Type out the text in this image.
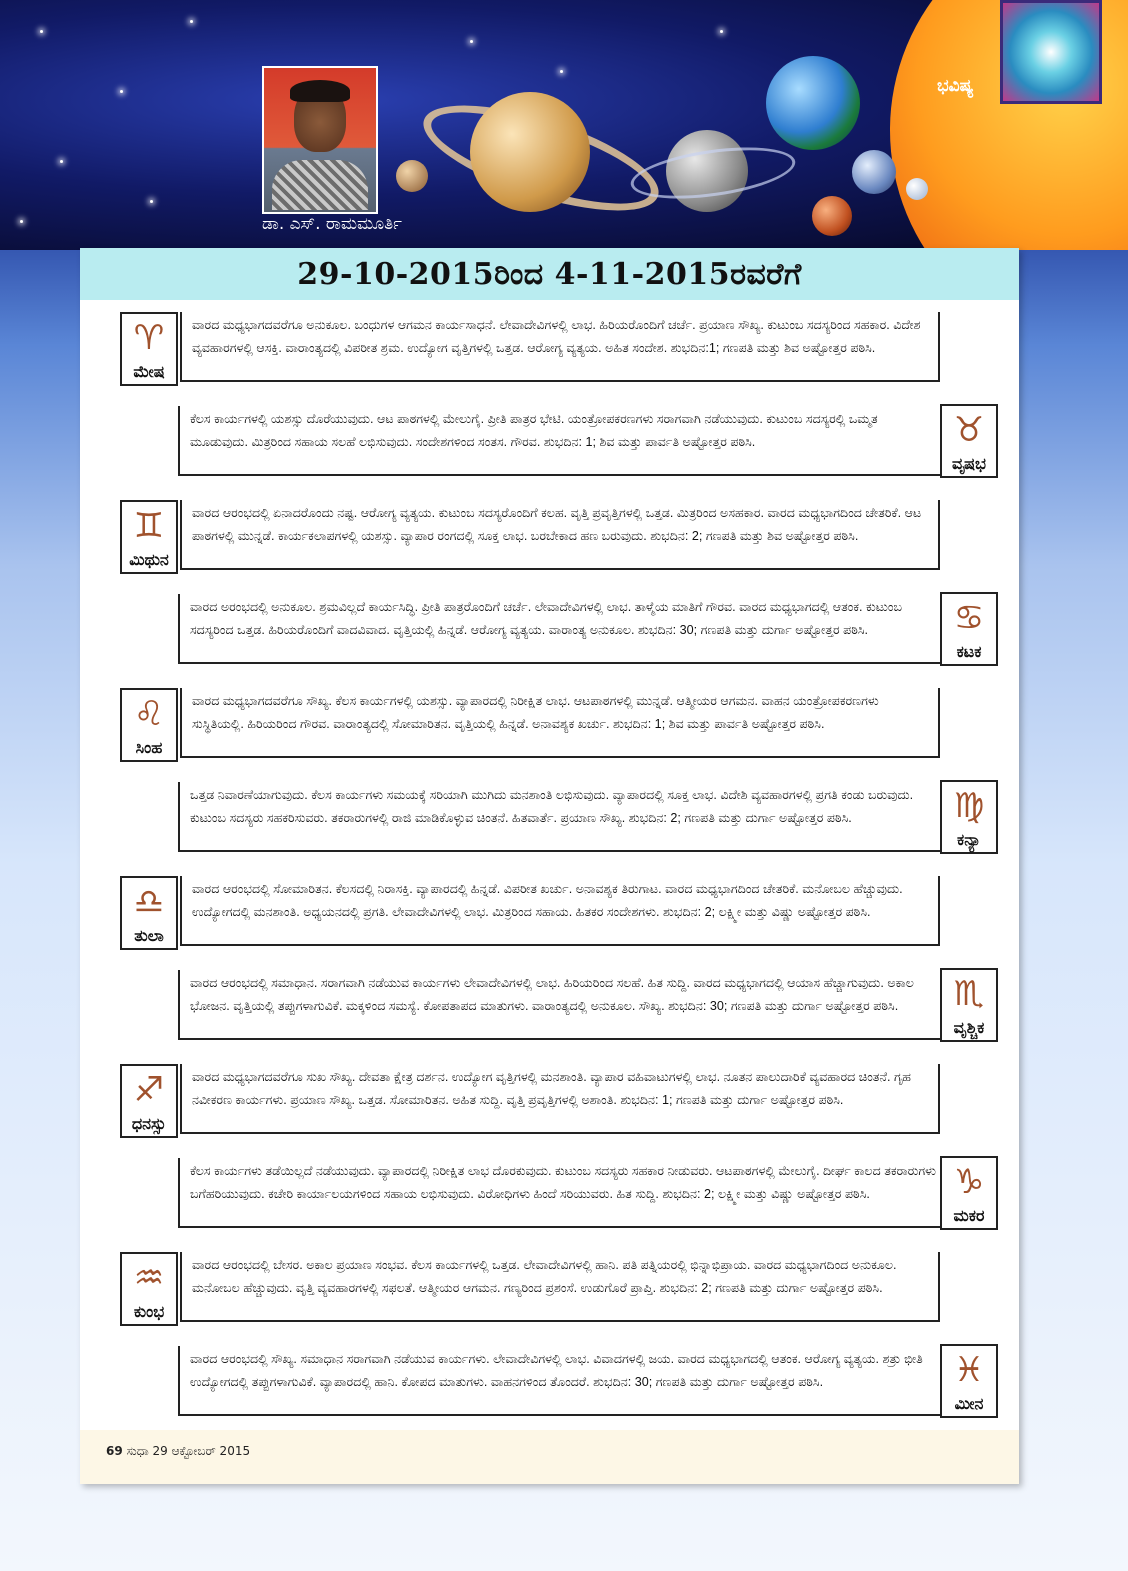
ಭವಿಷ್ಯ
ಡಾ. ಎಸ್. ರಾಮಮೂರ್ತಿ
29-10-2015ರಿಂದ 4-11-2015ರವರೆಗೆ
♈
ಮೇಷ
ವಾರದ ಮಧ್ಯಭಾಗದವರೆಗೂ ಅನುಕೂಲ. ಬಂಧುಗಳ ಆಗಮನ ಕಾರ್ಯಸಾಧನೆ. ಲೇವಾದೇವಿಗಳಲ್ಲಿ ಲಾಭ. ಹಿರಿಯರೊಂದಿಗೆ ಚರ್ಚೆ. ಪ್ರಯಾಣ ಸೌಖ್ಯ. ಕುಟುಂಬ ಸದಸ್ಯರಿಂದ ಸಹಕಾರ. ವಿದೇಶ ವ್ಯವಹಾರಗಳಲ್ಲಿ ಆಸಕ್ತಿ. ವಾರಾಂತ್ಯದಲ್ಲಿ ವಿಪರೀತ ಶ್ರಮ. ಉದ್ಯೋಗ ವೃತ್ತಿಗಳಲ್ಲಿ ಒತ್ತಡ. ಆರೋಗ್ಯ ವ್ಯತ್ಯಯ. ಅಹಿತ ಸಂದೇಶ. ಶುಭದಿನ:1; ಗಣಪತಿ ಮತ್ತು ಶಿವ ಅಷ್ಟೋತ್ತರ ಪಠಿಸಿ.
ಕೆಲಸ ಕಾರ್ಯಗಳಲ್ಲಿ ಯಶಸ್ಸು ದೊರೆಯುವುದು. ಆಟ ಪಾಠಗಳಲ್ಲಿ ಮೇಲುಗೈ. ಪ್ರೀತಿ ಪಾತ್ರರ ಭೇಟಿ. ಯಂತ್ರೋಪಕರಣಗಳು ಸರಾಗವಾಗಿ ನಡೆಯುವುದು. ಕುಟುಂಬ ಸದಸ್ಯರಲ್ಲಿ ಒಮ್ಮತ ಮೂಡುವುದು. ಮಿತ್ರರಿಂದ ಸಹಾಯ ಸಲಹೆ ಲಭಿಸುವುದು. ಸಂದೇಶಗಳಿಂದ ಸಂತಸ. ಗೌರವ. ಶುಭದಿನ: 1; ಶಿವ ಮತ್ತು ಪಾರ್ವತಿ ಅಷ್ಟೋತ್ತರ ಪಠಿಸಿ.	♉
ವೃಷಭ
♊
ಮಿಥುನ
ವಾರದ ಆರಂಭದಲ್ಲಿ ಏನಾದರೊಂದು ನಷ್ಟ. ಆರೋಗ್ಯ ವ್ಯತ್ಯಯ. ಕುಟುಂಬ ಸದಸ್ಯರೊಂದಿಗೆ ಕಲಹ. ವೃತ್ತಿ ಪ್ರವೃತ್ತಿಗಳಲ್ಲಿ ಒತ್ತಡ. ಮಿತ್ರರಿಂದ ಅಸಹಕಾರ. ವಾರದ ಮಧ್ಯಭಾಗದಿಂದ ಚೇತರಿಕೆ. ಆಟ ಪಾಠಗಳಲ್ಲಿ ಮುನ್ನಡೆ. ಕಾರ್ಯಕಲಾಪಗಳಲ್ಲಿ ಯಶಸ್ಸು. ವ್ಯಾಪಾರ ರಂಗದಲ್ಲಿ ಸೂಕ್ತ ಲಾಭ. ಬರಬೇಕಾದ ಹಣ ಬರುವುದು. ಶುಭದಿನ: 2; ಗಣಪತಿ ಮತ್ತು ಶಿವ ಅಷ್ಟೋತ್ತರ ಪಠಿಸಿ.
ವಾರದ ಅರಂಭದಲ್ಲಿ ಅನುಕೂಲ. ಶ್ರಮವಿಲ್ಲದೆ ಕಾರ್ಯಸಿದ್ಧಿ. ಪ್ರೀತಿ ಪಾತ್ರರೊಂದಿಗೆ ಚರ್ಚೆ. ಲೇವಾದೇವಿಗಳಲ್ಲಿ ಲಾಭ. ತಾಳ್ಮೆಯ ಮಾತಿಗೆ ಗೌರವ. ವಾರದ ಮಧ್ಯಭಾಗದಲ್ಲಿ ಆತಂಕ. ಕುಟುಂಬ ಸದಸ್ಯರಿಂದ ಒತ್ತಡ. ಹಿರಿಯರೊಂದಿಗೆ ವಾದವಿವಾದ. ವೃತ್ತಿಯಲ್ಲಿ ಹಿನ್ನಡೆ. ಆರೋಗ್ಯ ವ್ಯತ್ಯಯ. ವಾರಾಂತ್ಯ ಅನುಕೂಲ. ಶುಭದಿನ: 30; ಗಣಪತಿ ಮತ್ತು ದುರ್ಗಾ ಅಷ್ಟೋತ್ತರ ಪಠಿಸಿ.	♋
ಕಟಕ
♌
ಸಿಂಹ
ವಾರದ ಮಧ್ಯಭಾಗದವರೆಗೂ ಸೌಖ್ಯ. ಕೆಲಸ ಕಾರ್ಯಗಳಲ್ಲಿ ಯಶಸ್ಸು. ವ್ಯಾಪಾರದಲ್ಲಿ ನಿರೀಕ್ಷಿತ ಲಾಭ. ಆಟಪಾಠಗಳಲ್ಲಿ ಮುನ್ನಡೆ. ಆತ್ಮೀಯರ ಆಗಮನ. ವಾಹನ ಯಂತ್ರೋಪಕರಣಗಳು ಸುಸ್ಥಿತಿಯಲ್ಲಿ. ಹಿರಿಯರಿಂದ ಗೌರವ. ವಾರಾಂತ್ಯದಲ್ಲಿ ಸೋಮಾರಿತನ. ವೃತ್ತಿಯಲ್ಲಿ ಹಿನ್ನಡೆ. ಅನಾವಶ್ಯಕ ಖರ್ಚು. ಶುಭದಿನ: 1; ಶಿವ ಮತ್ತು ಪಾರ್ವತಿ ಅಷ್ಟೋತ್ತರ ಪಠಿಸಿ.
ಒತ್ತಡ ನಿವಾರಣೆಯಾಗುವುದು. ಕೆಲಸ ಕಾರ್ಯಗಳು ಸಮಯಕ್ಕೆ ಸರಿಯಾಗಿ ಮುಗಿದು ಮನಶಾಂತಿ ಲಭಿಸುವುದು. ವ್ಯಾಪಾರದಲ್ಲಿ ಸೂಕ್ತ ಲಾಭ. ವಿದೇಶಿ ವ್ಯವಹಾರಗಳಲ್ಲಿ ಪ್ರಗತಿ ಕಂಡು ಬರುವುದು. ಕುಟುಂಬ ಸದಸ್ಯರು ಸಹಕರಿಸುವರು. ತಕರಾರುಗಳಲ್ಲಿ ರಾಜಿ ಮಾಡಿಕೊಳ್ಳುವ ಚಿಂತನೆ. ಹಿತವಾರ್ತೆ. ಪ್ರಯಾಣ ಸೌಖ್ಯ. ಶುಭದಿನ: 2; ಗಣಪತಿ ಮತ್ತು ದುರ್ಗಾ ಅಷ್ಟೋತ್ತರ ಪಠಿಸಿ.	♍
ಕನ್ಯಾ
♎
ತುಲಾ
ವಾರದ ಆರಂಭದಲ್ಲಿ ಸೋಮಾರಿತನ. ಕೆಲಸದಲ್ಲಿ ನಿರಾಸಕ್ತಿ. ವ್ಯಾಪಾರದಲ್ಲಿ ಹಿನ್ನಡೆ. ವಿಪರೀತ ಖರ್ಚು. ಅನಾವಶ್ಯಕ ತಿರುಗಾಟ. ವಾರದ ಮಧ್ಯಭಾಗದಿಂದ ಚೇತರಿಕೆ. ಮನೋಬಲ ಹೆಚ್ಚುವುದು. ಉದ್ಯೋಗದಲ್ಲಿ ಮನಶಾಂತಿ. ಅಧ್ಯಯನದಲ್ಲಿ ಪ್ರಗತಿ. ಲೇವಾದೇವಿಗಳಲ್ಲಿ ಲಾಭ. ಮಿತ್ರರಿಂದ ಸಹಾಯ. ಹಿತಕರ ಸಂದೇಶಗಳು. ಶುಭದಿನ: 2; ಲಕ್ಷ್ಮೀ ಮತ್ತು ವಿಷ್ಣು ಅಷ್ಟೋತ್ತರ ಪಠಿಸಿ.
ವಾರದ ಆರಂಭದಲ್ಲಿ ಸಮಾಧಾನ. ಸರಾಗವಾಗಿ ನಡೆಯುವ ಕಾರ್ಯಗಳು ಲೇವಾದೇವಿಗಳಲ್ಲಿ ಲಾಭ. ಹಿರಿಯರಿಂದ ಸಲಹೆ. ಹಿತ ಸುದ್ದಿ. ವಾರದ ಮಧ್ಯಭಾಗದಲ್ಲಿ ಆಯಾಸ ಹೆಚ್ಚಾಗುವುದು. ಅಕಾಲ ಭೋಜನ. ವೃತ್ತಿಯಲ್ಲಿ ತಪ್ಪುಗಳಾಗುವಿಕೆ. ಮಕ್ಕಳಿಂದ ಸಮಸ್ಯೆ. ಕೋಪತಾಪದ ಮಾತುಗಳು. ವಾರಾಂತ್ಯದಲ್ಲಿ ಅನುಕೂಲ. ಸೌಖ್ಯ. ಶುಭದಿನ: 30; ಗಣಪತಿ ಮತ್ತು ದುರ್ಗಾ ಅಷ್ಟೋತ್ತರ ಪಠಿಸಿ.	♏
ವೃಶ್ಚಿಕ
♐
ಧನಸ್ಸು
ವಾರದ ಮಧ್ಯಭಾಗದವರೆಗೂ ಸುಖ ಸೌಖ್ಯ. ದೇವತಾ ಕ್ಷೇತ್ರ ದರ್ಶನ. ಉದ್ಯೋಗ ವೃತ್ತಿಗಳಲ್ಲಿ ಮನಶಾಂತಿ. ವ್ಯಾಪಾರ ವಹಿವಾಟುಗಳಲ್ಲಿ ಲಾಭ. ನೂತನ ಪಾಲುದಾರಿಕೆ ವ್ಯವಹಾರದ ಚಿಂತನೆ. ಗೃಹ ನವೀಕರಣ ಕಾರ್ಯಗಳು. ಪ್ರಯಾಣ ಸೌಖ್ಯ. ಒತ್ತಡ. ಸೋಮಾರಿತನ. ಅಹಿತ ಸುದ್ದಿ. ವೃತ್ತಿ ಪ್ರವೃತ್ತಿಗಳಲ್ಲಿ ಅಶಾಂತಿ. ಶುಭದಿನ: 1; ಗಣಪತಿ ಮತ್ತು ದುರ್ಗಾ ಅಷ್ಟೋತ್ತರ ಪಠಿಸಿ.
ಕೆಲಸ ಕಾರ್ಯಗಳು ತಡೆಯಿಲ್ಲದೆ ನಡೆಯುವುದು. ವ್ಯಾಪಾರದಲ್ಲಿ ನಿರೀಕ್ಷಿತ ಲಾಭ ದೊರಕುವುದು. ಕುಟುಂಬ ಸದಸ್ಯರು ಸಹಕಾರ ನೀಡುವರು. ಆಟಪಾಠಗಳಲ್ಲಿ ಮೇಲುಗೈ. ದೀರ್ಘ ಕಾಲದ ತಕರಾರುಗಳು ಬಗೆಹರಿಯುವುದು. ಕಚೇರಿ ಕಾರ್ಯಾಲಯಗಳಿಂದ ಸಹಾಯ ಲಭಿಸುವುದು. ವಿರೋಧಿಗಳು ಹಿಂದೆ ಸರಿಯುವರು. ಹಿತ ಸುದ್ದಿ. ಶುಭದಿನ: 2; ಲಕ್ಷ್ಮೀ ಮತ್ತು ವಿಷ್ಣು ಅಷ್ಟೋತ್ತರ ಪಠಿಸಿ.	♑
ಮಕರ
♒
ಕುಂಭ
ವಾರದ ಆರಂಭದಲ್ಲಿ ಬೇಸರ. ಅಕಾಲ ಪ್ರಯಾಣ ಸಂಭವ. ಕೆಲಸ ಕಾರ್ಯಗಳಲ್ಲಿ ಒತ್ತಡ. ಲೇವಾದೇವಿಗಳಲ್ಲಿ ಹಾನಿ. ಪತಿ ಪತ್ನಿಯರಲ್ಲಿ ಭಿನ್ನಾಭಿಪ್ರಾಯ. ವಾರದ ಮಧ್ಯಭಾಗದಿಂದ ಅನುಕೂಲ. ಮನೋಬಲ ಹೆಚ್ಚುವುದು. ವೃತ್ತಿ ವ್ಯವಹಾರಗಳಲ್ಲಿ ಸಫಲತೆ. ಆತ್ಮೀಯರ ಆಗಮನ. ಗಣ್ಯರಿಂದ ಪ್ರಶಂಸೆ. ಉಡುಗೊರೆ ಪ್ರಾಪ್ತಿ. ಶುಭದಿನ: 2; ಗಣಪತಿ ಮತ್ತು ದುರ್ಗಾ ಅಷ್ಟೋತ್ತರ ಪಠಿಸಿ.
ವಾರದ ಆರಂಭದಲ್ಲಿ ಸೌಖ್ಯ. ಸಮಾಧಾನ ಸರಾಗವಾಗಿ ನಡೆಯುವ ಕಾರ್ಯಗಳು. ಲೇವಾದೇವಿಗಳಲ್ಲಿ ಲಾಭ. ವಿವಾದಗಳಲ್ಲಿ ಜಯ. ವಾರದ ಮಧ್ಯಭಾಗದಲ್ಲಿ ಆತಂಕ. ಆರೋಗ್ಯ ವ್ಯತ್ಯಯ. ಶತ್ರು ಭೀತಿ ಉದ್ಯೋಗದಲ್ಲಿ ತಪ್ಪುಗಳಾಗುವಿಕೆ. ವ್ಯಾಪಾರದಲ್ಲಿ ಹಾನಿ. ಕೋಪದ ಮಾತುಗಳು. ವಾಹನಗಳಿಂದ ತೊಂದರೆ. ಶುಭದಿನ: 30; ಗಣಪತಿ ಮತ್ತು ದುರ್ಗಾ ಅಷ್ಟೋತ್ತರ ಪಠಿಸಿ.	♓
ಮೀನ
69 ಸುಧಾ 29 ಆಕ್ಟೋಬರ್ 2015
